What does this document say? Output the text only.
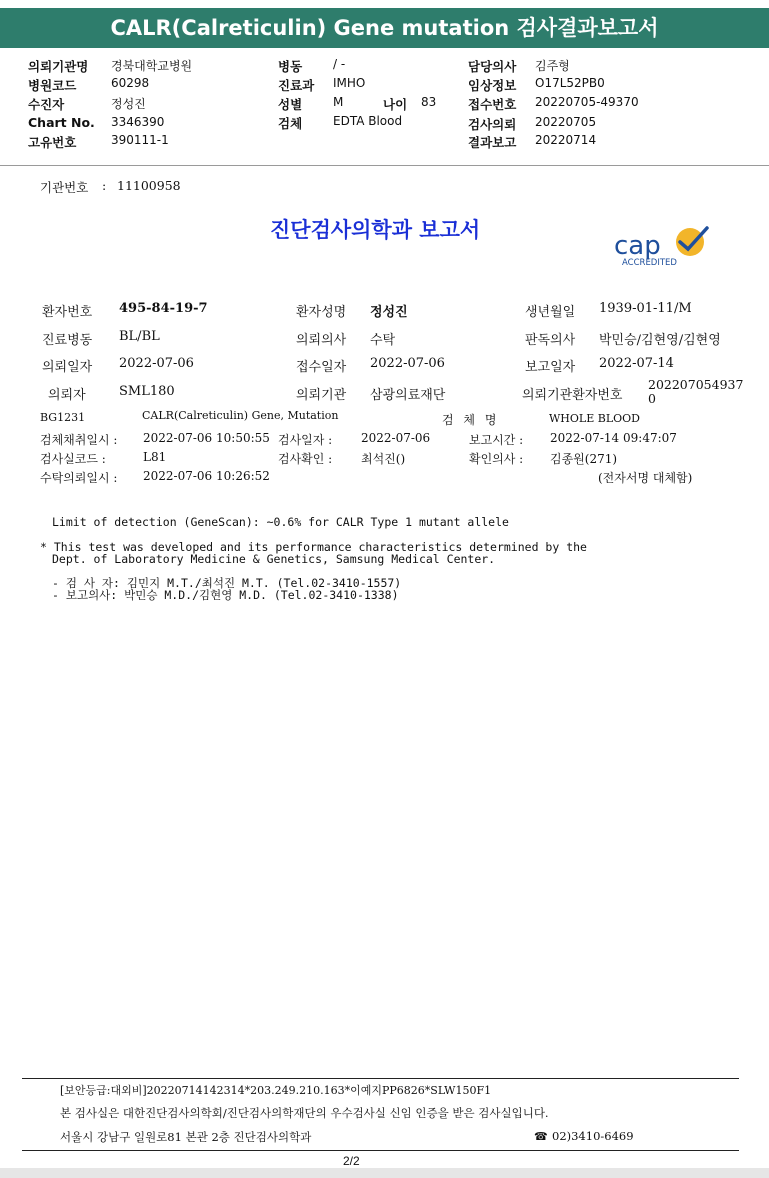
CALR(Calreticulin) Gene mutation 검사결과보고서
의뢰기관명 경북대학교병원
병원코드	60298
수진자	정성진
Chart No. 3346390
고유번호	390111-1
병동	/ -
진료과 IMHO
성별	M	나이 83
검체	EDTA Blood
담당의사 김주형
임상정보 O17L52PB0
접수번호 20220705-49370
검사의뢰 20220705
결과보고 20220714
기관번호 : 11100958
진단검사의학과 보고서
cap
ACCREDITED
환자번호 495-84-19-7	환자성명 정성진	생년월일 1939-01-11/M
진료병동 BL/BL	의뢰의사 수탁	판독의사 박민승/김현영/김현영
의뢰일자 2022-07-06	접수일자 2022-07-06	보고일자 2022-07-14
의뢰자	SML180	의뢰기관 삼광의료재단	의뢰기관환자번호
202207054937
0
BG1231	CALR(Calreticulin) Gene, Mutation	검 체 명	WHOLE BLOOD
검체채취일시 : 2022-07-06 10:50:55 검사일자 : 2022-07-06	보고시간 : 2022-07-14 09:47:07
검사실코드 :	L81	검사확인 : 최석진()	확인의사 : 김종원(271)
수탁의뢰일시 : 2022-07-06 10:26:52	(전자서명 대체함)
Limit of detection (GeneScan): ~0.6% for CALR Type 1 mutant allele
* This test was developed and its performance characteristics determined by the
Dept. of Laboratory Medicine & Genetics, Samsung Medical Center.
- 검 사 자: 김민지 M.T./최석진 M.T. (Tel.02-3410-1557)
- 보고의사: 박민승 M.D./김현영 M.D. (Tel.02-3410-1338)
[보안등급:대외비]20220714142314*203.249.210.163*이예지PP6826*SLW150F1
본 검사실은 대한진단검사의학회/진단검사의학재단의 우수검사실 신임 인증을 받은 검사실입니다.
서울시 강남구 일원로81 본관 2층 진단검사의학과	☎ 02)3410-6469
2/2
